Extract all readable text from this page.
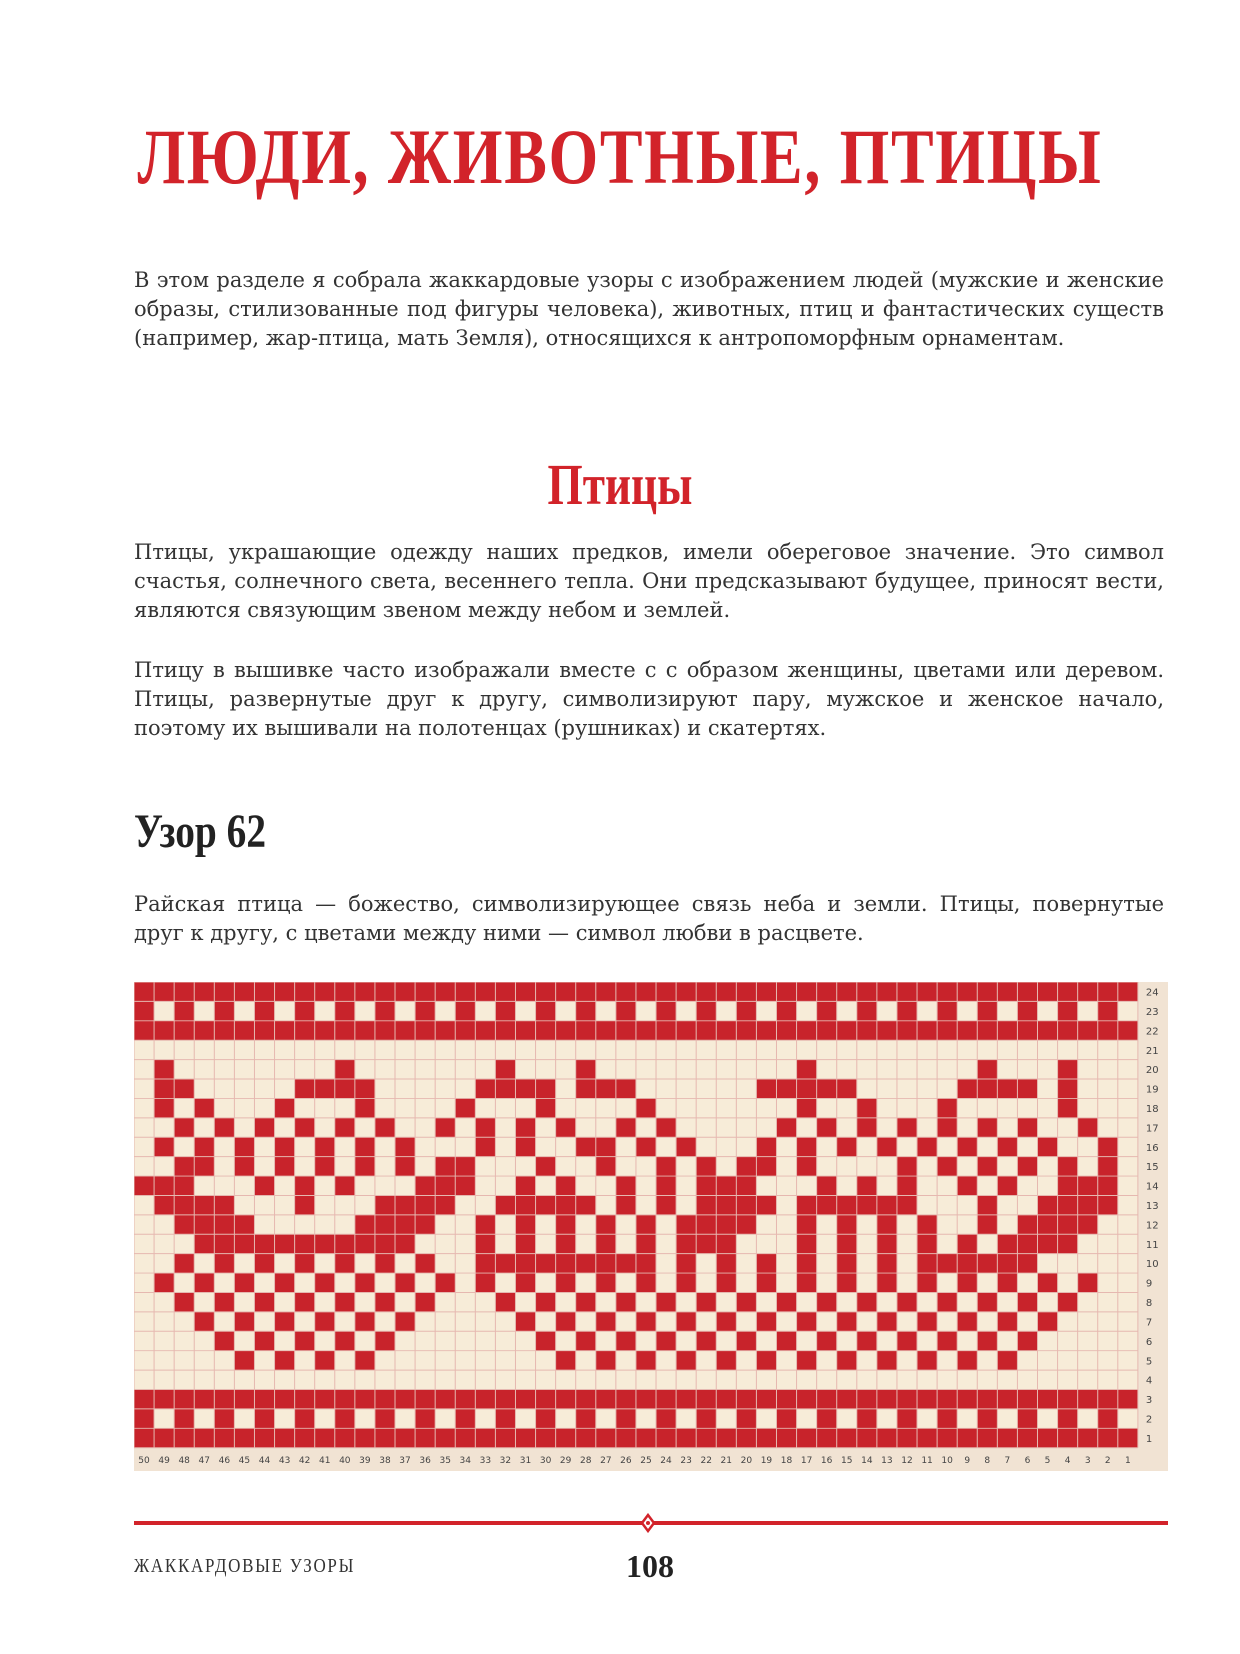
ЛЮДИ, ЖИВОТНЫЕ, ПТИЦЫ

В этом разделе я собрала жаккардовые узоры с изображением людей (мужские и женские образы, стилизованные под фигуры человека), животных, птиц и фантастических существ (например, жар-птица, мать Земля), относящихся к антропоморфным орнаментам.

Птицы

Птицы, украшающие одежду наших предков, имели обереговое значение. Это символ счастья, солнечного света, весеннего тепла. Они предсказывают будущее, приносят вести, являются связующим звеном между небом и землей.

Птицу в вышивке часто изображали вместе с с образом женщины, цветами или деревом. Птицы, развернутые друг к другу, символизируют пару, мужское и женское начало, поэтому их вышивали на полотенцах (рушниках) и скатертях.

Узор 62

Райская птица — божество, символизирующее связь неба и земли. Птицы, повернутые друг к другу, с цветами между ними — символ любви в расцвете.

24
23
22
21
20
19
18
17
16
15
14
13
12
11
10
9
8
7
6
5
4
3
2
1
50 49 48 47 46 45 44 43 42 41 40 39 38 37 36 35 34 33 32 31 30 29 28 27 26 25 24 23 22 21 20 19 18 17 16 15 14 13 12 11 10 9 8 7 6 5 4 3 2 1
ЖАККАРДОВЫЕ УЗОРЫ	108
